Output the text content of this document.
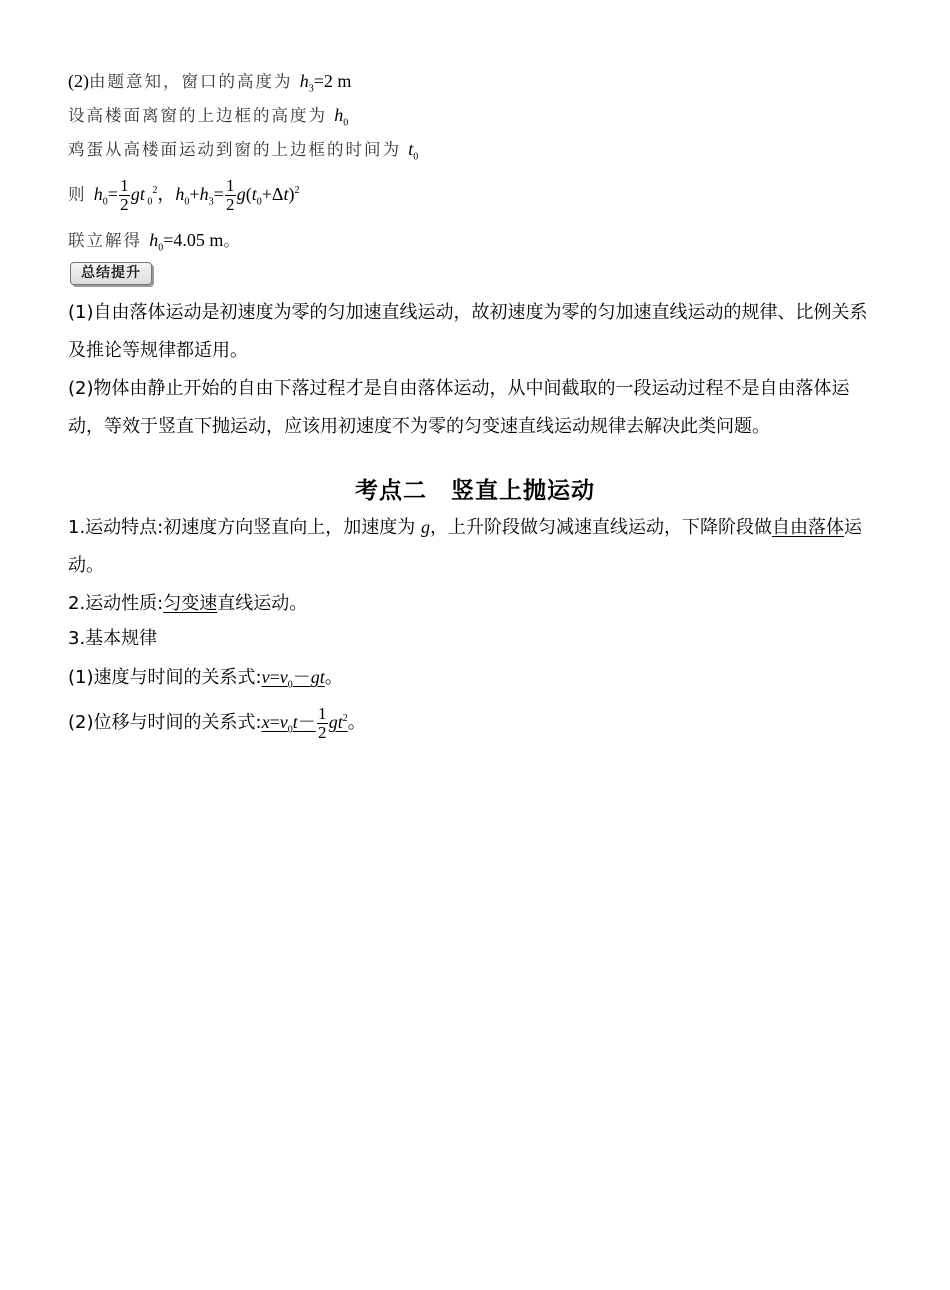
(2)由题意知，窗口的高度为 $h_3=2$ m
设高楼面离窗的上边框的高度为 $h_0$
鸡蛋从高楼面运动到窗的上边框的时间为 $t_0$
则 $h_0= \frac{1}{2}$ gt $_0^2$，$h_0+h_3= \frac{1}{2} g(t_0+\Delta t)^2$
联立解得 $h_0=4.05$ m。
总结提升
(1)自由落体运动是初速度为零的匀加速直线运动，故初速度为零的匀加速直线运动的规律、比例关系及推论等规律都适用。
(2)物体由静止开始的自由下落过程才是自由落体运动，从中间截取的一段运动过程不是自由落体运动，等效于竖直下抛运动，应该用初速度不为零的匀变速直线运动规律去解决此类问题。
考点二　竖直上抛运动
1.运动特点:初速度方向竖直向上，加速度为 g，上升阶段做匀减速直线运动，下降阶段做自由落体运动。
2.运动性质:匀变速直线运动。
3.基本规律
(1)速度与时间的关系式$:v=v_0-gt$。
(2)位移与时间的关系式$:x=v_0t- \frac{1}{2} gt^2$。
